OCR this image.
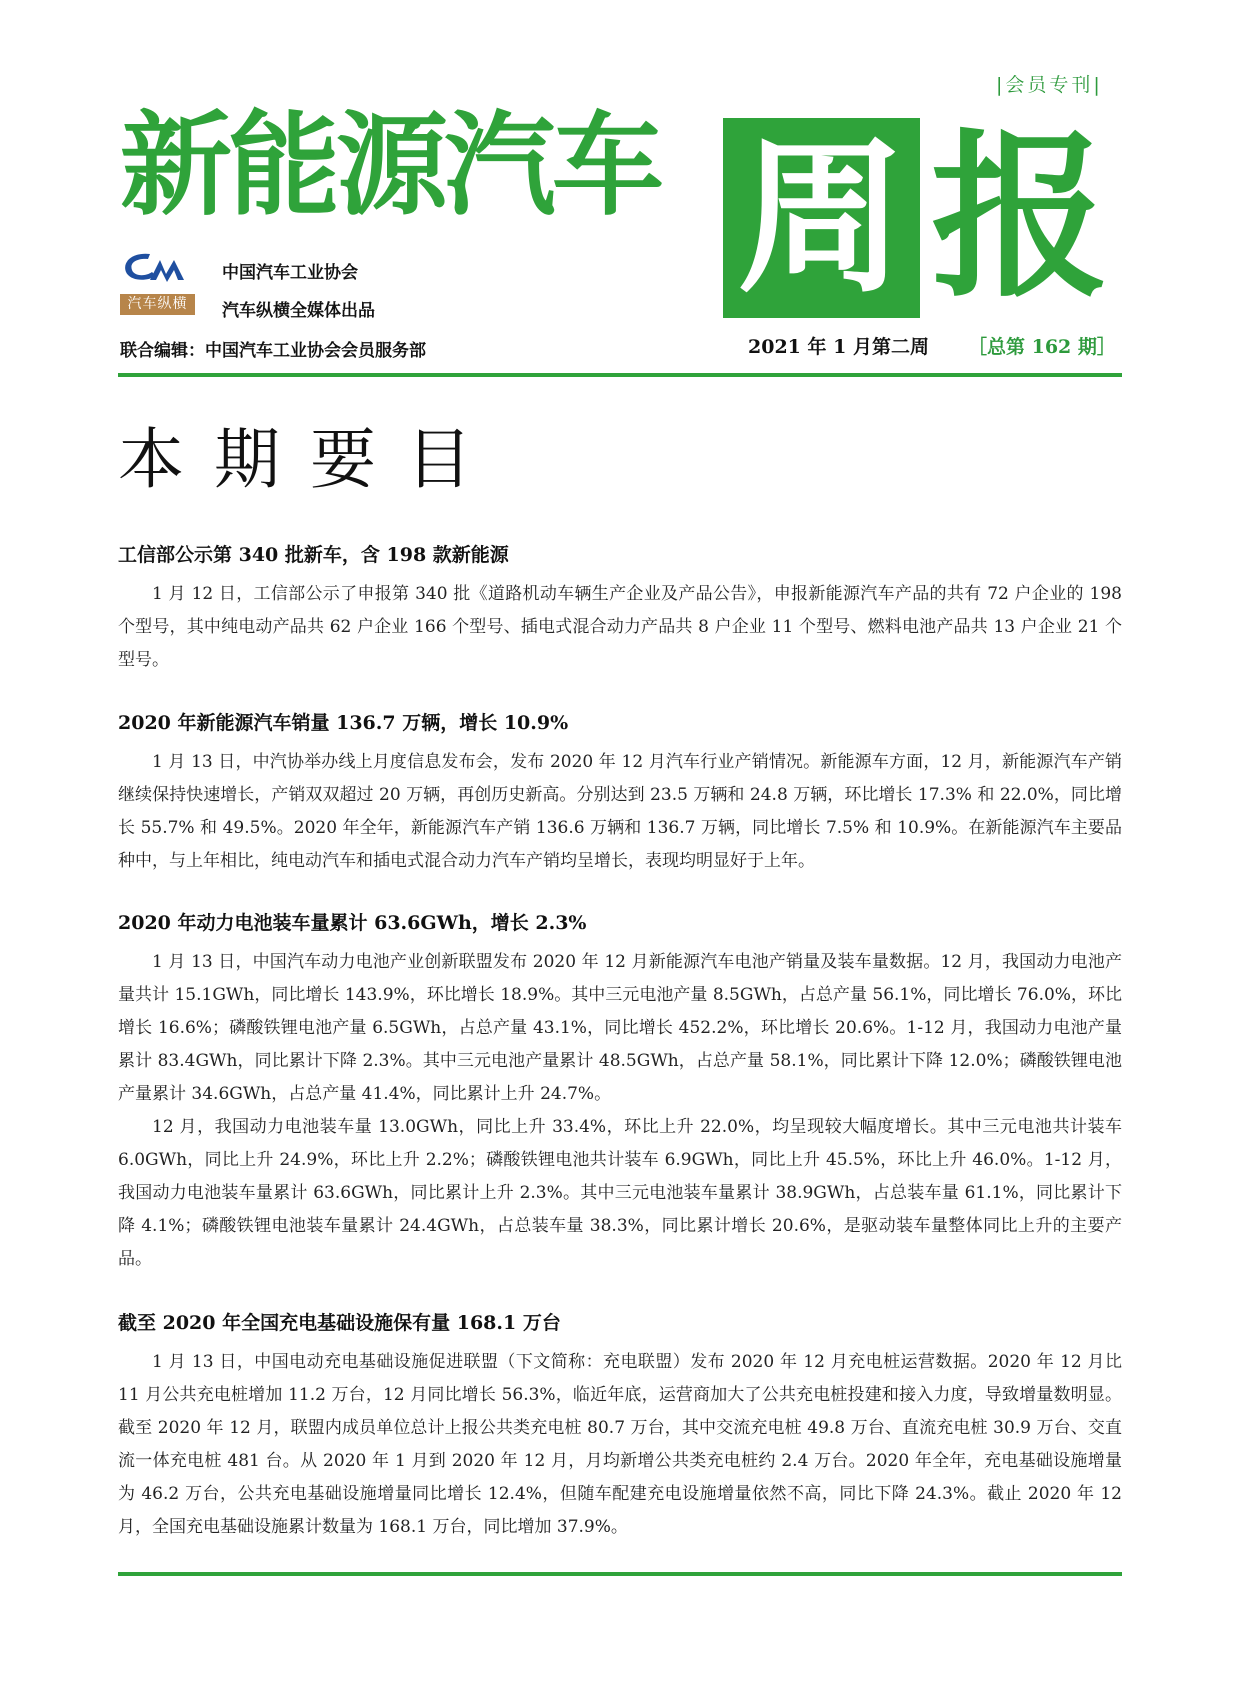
|会员专刊|
新能源汽车 周 报
中国汽车工业协会
汽车纵横	汽车纵横全媒体出品
联合编辑：中国汽车工业协会会员服务部	2021 年 1 月第二周 ［总第 162 期］
本期要目
工信部公示第 340 批新车，含 198 款新能源

1 月 12 日，工信部公示了申报第 340 批《道路机动车辆生产企业及产品公告》，申报新能源汽车产品的共有 72 户企业的 198 个型号，其中纯电动产品共 62 户企业 166 个型号、插电式混合动力产品共 8 户企业 11 个型号、燃料电池产品共 13 户企业 21 个型号。

2020 年新能源汽车销量 136.7 万辆，增长 10.9%

1 月 13 日，中汽协举办线上月度信息发布会，发布 2020 年 12 月汽车行业产销情况。新能源车方面，12 月，新能源汽车产销继续保持快速增长，产销双双超过 20 万辆，再创历史新高。分别达到 23.5 万辆和 24.8 万辆，环比增长 17.3% 和 22.0%，同比增长 55.7% 和 49.5%。2020 年全年，新能源汽车产销 136.6 万辆和 136.7 万辆，同比增长 7.5% 和 10.9%。在新能源汽车主要品种中，与上年相比，纯电动汽车和插电式混合动力汽车产销均呈增长，表现均明显好于上年。

2020 年动力电池装车量累计 63.6GWh，增长 2.3%

1 月 13 日，中国汽车动力电池产业创新联盟发布 2020 年 12 月新能源汽车电池产销量及装车量数据。12 月，我国动力电池产量共计 15.1GWh，同比增长 143.9%，环比增长 18.9%。其中三元电池产量 8.5GWh，占总产量 56.1%，同比增长 76.0%，环比增长 16.6%；磷酸铁锂电池产量 6.5GWh，占总产量 43.1%，同比增长 452.2%，环比增长 20.6%。1-12 月，我国动力电池产量累计 83.4GWh，同比累计下降 2.3%。其中三元电池产量累计 48.5GWh，占总产量 58.1%，同比累计下降 12.0%；磷酸铁锂电池产量累计 34.6GWh，占总产量 41.4%，同比累计上升 24.7%。

12 月，我国动力电池装车量 13.0GWh，同比上升 33.4%，环比上升 22.0%，均呈现较大幅度增长。其中三元电池共计装车 6.0GWh，同比上升 24.9%，环比上升 2.2%；磷酸铁锂电池共计装车 6.9GWh，同比上升 45.5%，环比上升 46.0%。1-12 月，我国动力电池装车量累计 63.6GWh，同比累计上升 2.3%。其中三元电池装车量累计 38.9GWh，占总装车量 61.1%，同比累计下降 4.1%；磷酸铁锂电池装车量累计 24.4GWh，占总装车量 38.3%，同比累计增长 20.6%，是驱动装车量整体同比上升的主要产品。

截至 2020 年全国充电基础设施保有量 168.1 万台

1 月 13 日，中国电动充电基础设施促进联盟（下文简称：充电联盟）发布 2020 年 12 月充电桩运营数据。2020 年 12 月比 11 月公共充电桩增加 11.2 万台，12 月同比增长 56.3%，临近年底，运营商加大了公共充电桩投建和接入力度，导致增量数明显。截至 2020 年 12 月，联盟内成员单位总计上报公共类充电桩 80.7 万台，其中交流充电桩 49.8 万台、直流充电桩 30.9 万台、交直流一体充电桩 481 台。从 2020 年 1 月到 2020 年 12 月，月均新增公共类充电桩约 2.4 万台。2020 年全年，充电基础设施增量为 46.2 万台，公共充电基础设施增量同比增长 12.4%，但随车配建充电设施增量依然不高，同比下降 24.3%。截止 2020 年 12 月，全国充电基础设施累计数量为 168.1 万台，同比增加 37.9%。
